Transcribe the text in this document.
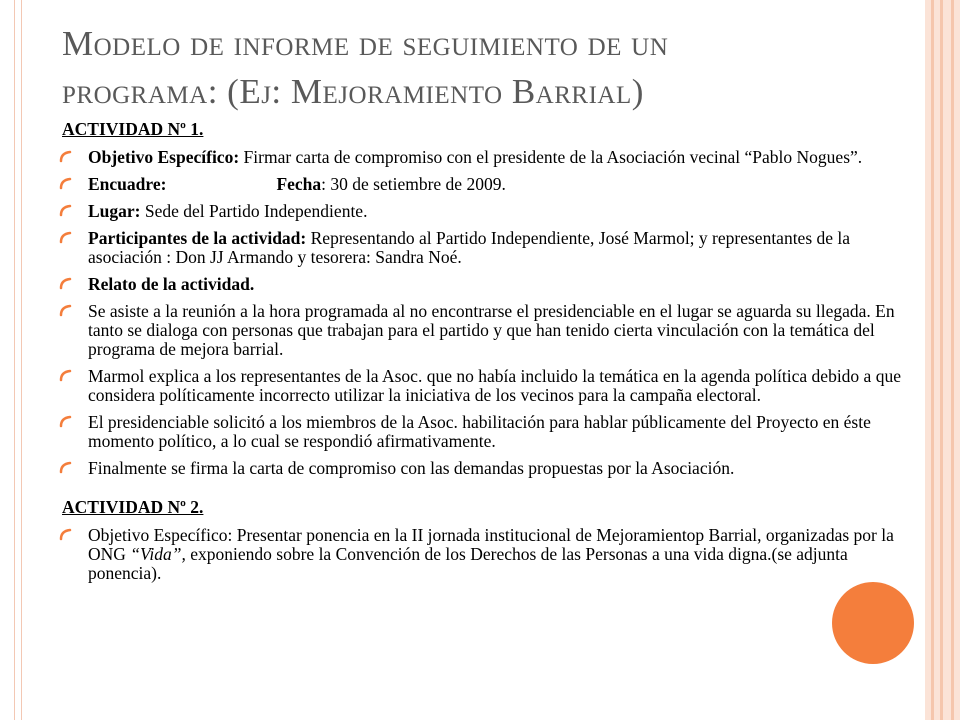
Modelo de informe de seguimiento de un
programa: (Ej: Mejoramiento Barrial)
ACTIVIDAD Nº 1.
Objetivo Específico: Firmar carta de compromiso con el presidente de la Asociación vecinal “Pablo Nogues”.
Encuadre:	Fecha: 30 de setiembre de 2009.
Lugar: Sede del Partido Independiente.
Participantes de la actividad: Representando al Partido Independiente, José Marmol; y representantes de la asociación : Don JJ Armando y tesorera: Sandra Noé.
Relato de la actividad.
Se asiste a la reunión a la hora programada al no encontrarse el presidenciable en el lugar se aguarda su llegada. En tanto se dialoga con personas que trabajan para el partido y que han tenido cierta vinculación con la temática del programa de mejora barrial.
Marmol explica a los representantes de la Asoc. que no había incluido la temática en la agenda política debido a que considera políticamente incorrecto utilizar la iniciativa de los vecinos para la campaña electoral.
El presidenciable solicitó a los miembros de la Asoc. habilitación para hablar públicamente del Proyecto en éste momento político, a lo cual se respondió afirmativamente.
Finalmente se firma la carta de compromiso con las demandas propuestas por la Asociación.
ACTIVIDAD Nº 2.
Objetivo Específico: Presentar ponencia en la II jornada institucional de Mejoramientop Barrial, organizadas por la ONG “Vida”, exponiendo sobre la Convención de los Derechos de las Personas a una vida digna.(se adjunta ponencia).
